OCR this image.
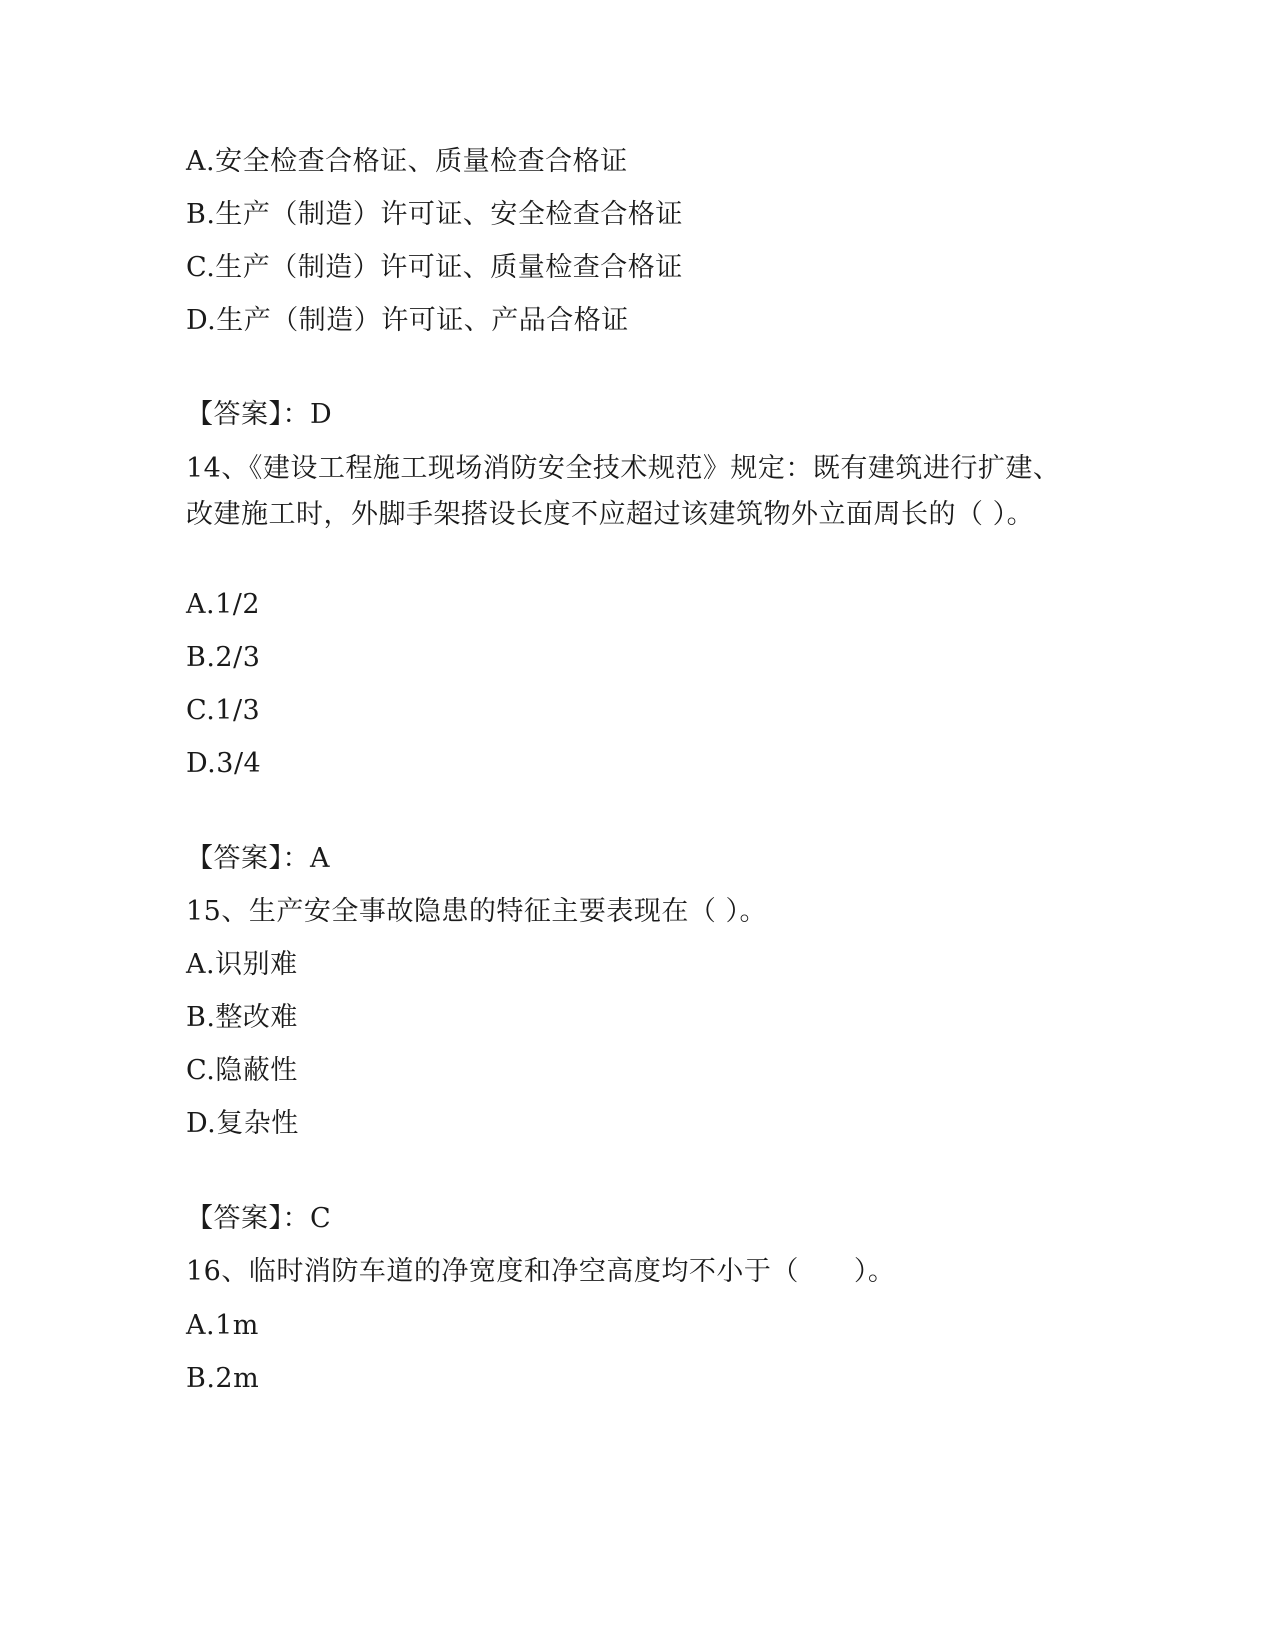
A.安全检查合格证、质量检查合格证
B.生产（制造）许可证、安全检查合格证
C.生产（制造）许可证、质量检查合格证
D.生产（制造）许可证、产品合格证
【答案】：D
14、《建设工程施工现场消防安全技术规范》规定：既有建筑进行扩建、改建施工时，外脚手架搭设长度不应超过该建筑物外立面周长的（ ）。
A.1/2
B.2/3
C.1/3
D.3/4
【答案】：A
15、生产安全事故隐患的特征主要表现在（ ）。
A.识别难
B.整改难
C.隐蔽性
D.复杂性
【答案】：C
16、临时消防车道的净宽度和净空高度均不小于（　　）。
A.1m
B.2m
